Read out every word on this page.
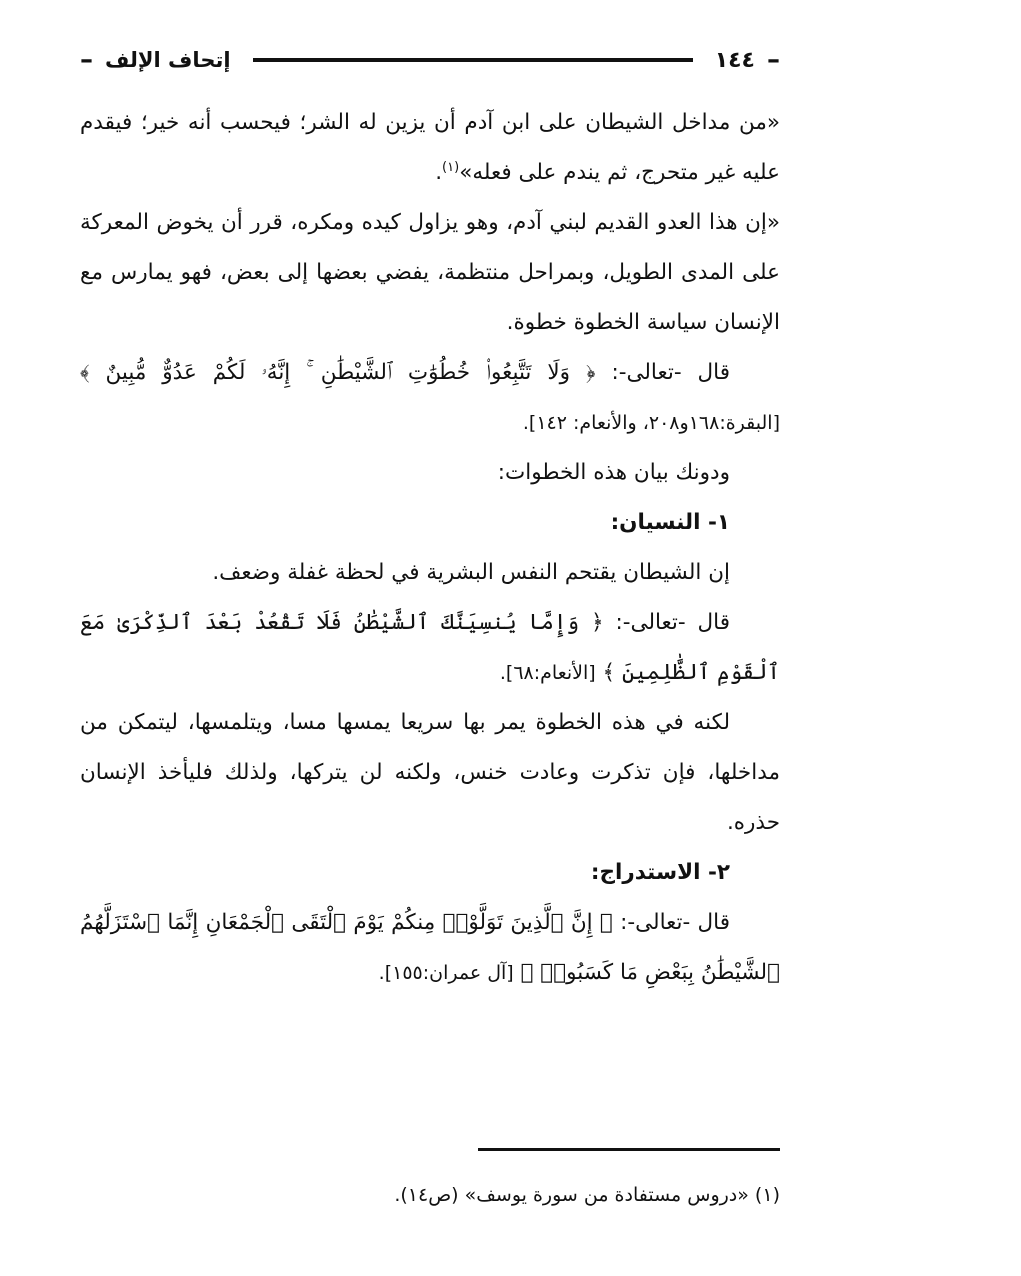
–
١٤٤
إتحاف الإلف
–

«من مداخل الشيطان على ابن آدم أن يزين له الشر؛ فيحسب أنه خير؛ فيقدم عليه غير متحرج، ثم يندم على فعله»$^{(١)}$.

«إن هذا العدو القديم لبني آدم، وهو يزاول كيده ومكره، قرر أن يخوض المعركة على المدى الطويل، وبمراحل منتظمة، يفضي بعضها إلى بعض، فهو يمارس مع الإنسان سياسة الخطوة خطوة.

قال -تعالى-: ﴿ وَلَا تَتَّبِعُوا۟ خُطُوَٰتِ ٱلشَّيْطَٰنِ ۚ إِنَّهُۥ لَكُمْ عَدُوٌّ مُّبِينٌ ﴾ [البقرة:١٦٨و٢٠٨، والأنعام: ١٤٢].

ودونك بيان هذه الخطوات:

١- النسيان:

إن الشيطان يقتحم النفس البشرية في لحظة غفلة وضعف.

قال -تعالى-: ﴿ وَإِمَّا يُنسِيَنَّكَ ٱلشَّيْطَٰنُ فَلَا تَقْعُدْ بَعْدَ ٱلذِّكْرَىٰ مَعَ ٱلْقَوْمِ ٱلظَّٰلِمِينَ ﴾ [الأنعام:٦٨].

لكنه في هذه الخطوة يمر بها سريعا يمسها مسا، ويتلمسها، ليتمكن من مداخلها، فإن تذكرت وعادت خنس، ولكنه لن يتركها، ولذلك فليأخذ الإنسان حذره.

٢- الاستدراج:

قال -تعالى-: ﴿ إِنَّ ٱلَّذِينَ تَوَلَّوْا۟ مِنكُمْ يَوْمَ ٱلْتَقَى ٱلْجَمْعَانِ إِنَّمَا ٱسْتَزَلَّهُمُ ٱلشَّيْطَٰنُ بِبَعْضِ مَا كَسَبُوا۟ ﴾ [آل عمران:١٥٥].

(١) «دروس مستفادة من سورة يوسف» (ص١٤).
